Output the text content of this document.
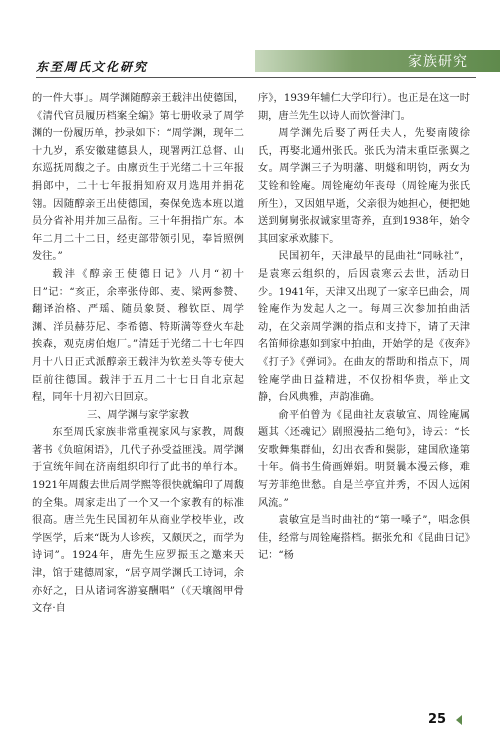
东至周氏文化研究	家族研究

的一件大事」。周学渊随醇亲王载沣出使德国，《清代官员履历档案全编》第七册收录了周学渊的一份履历单，抄录如下：“周学渊，现年二十九岁，系安徽建德县人，现署两江总督、山东巡抚周馥之子。由廪贡生于光绪二十三年报捐郎中，二十七年报捐知府双月选用并捐花翎。因随醇亲王出使德国，奏保免选本班以道员分省补用并加三品衔。三十年捐指广东。本年二月二十二日，经吏部带领引见，奉旨照例发往。”

载沣《醇亲王使德日记》八月“初十日”记：“亥正，余率张侍郎、麦、梁两参赞、翻译治格、严瑶、随员象贤、穆钦臣、周学渊、洋员赫芬尼、李希德、特斯满等登火车赴挨森，观克虏伯炮厂。”清廷于光绪二十七年四月十八日正式派醇亲王载沣为钦差头等专使大臣前往德国。载沣于五月二十七日自北京起程，同年十月初六日回京。

三、周学渊与家学家教

东至周氏家族非常重视家风与家教，周馥著书《负暄闲语》，几代子孙受益匪浅。周学渊于宣统年间在济南组织印行了此书的单行本。1921年周馥去世后周学熙等很快就编印了周馥的全集。周家走出了一个又一个家教有的标准很高。唐兰先生民国初年从商业学校毕业，改学医学，后来“既为人诊疾，又颇厌之，而学为诗词”。1924年，唐先生应罗振玉之邀来天津，馆于建德周家，“居亨周学渊氏工诗词，余亦好之，日从诸词客游宴酬唱”（《天壤阁甲骨文存·自

序》，1939年辅仁大学印行）。也正是在这一时期，唐兰先生以诗人而饮誉津门。

周学渊先后娶了两任夫人，先娶南陵徐氏，再娶北通州张氏。张氏为清末重臣张翼之女。周学渊三子为明藩、明燧和明钧，两女为艾铨和铨庵。周铨庵幼年丧母（周铨庵为张氏所生），又因姐早逝，父亲很为她担心，便把她送到舅舅张叔诚家里寄养，直到1938年，始令其回家承欢膝下。

民国初年，天津最早的昆曲社“同咏社”，是袁寒云组织的，后因袁寒云去世，活动日少。1941年，天津又出现了一家辛巳曲会，周铨庵作为发起人之一。每周三次参加拍曲活动，在父亲周学渊的指点和支持下，请了天津名笛师徐惠如到家中拍曲，开始学的是《夜奔》《打子》《弹词》。在曲友的帮助和指点下，周铨庵学曲日益精进，不仅扮相华贵，举止文静，台风典雅，声韵准确。

俞平伯曾为《昆曲社友袁敏宣、周铨庵属题其〈还魂记〉剧照漫拈二绝句》，诗云：“长安歌舞集群仙，幻出衣香和鬓影，建国欣逢第十年。倘书生倚画婵娟。明贤曩本漫云修，难写芳菲绝世愁。自是兰亭宜并秀，不因人远闲风流。”

袁敏宣是当时曲社的“第一嗓子”，唱念俱佳，经常与周铨庵搭档。据张允和《昆曲日记》记：“杨

25
